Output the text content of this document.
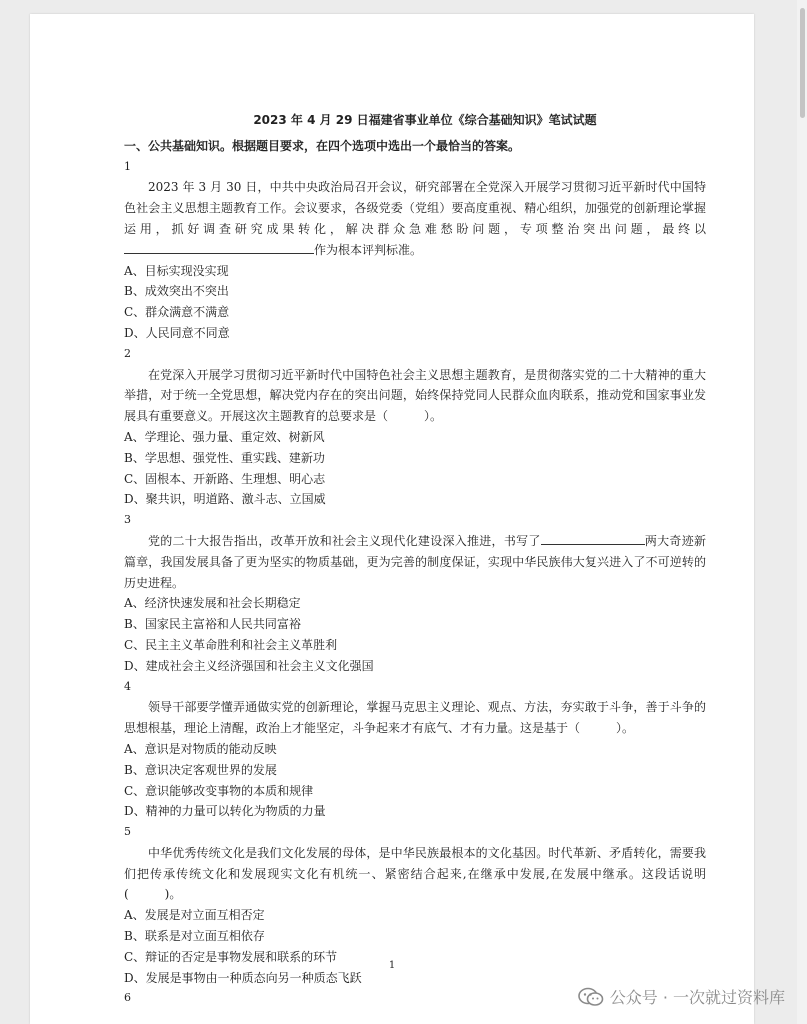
2023 年 4 月 29 日福建省事业单位《综合基础知识》笔试试题
一、公共基础知识。根据题目要求，在四个选项中选出一个最恰当的答案。
1
2023 年 3 月 30 日，中共中央政治局召开会议，研究部署在全党深入开展学习贯彻习近平新时代中国特色社会主义思想主题教育工作。会议要求，各级党委（党组）要高度重视、精心组织，加强党的创新理论掌握运用，抓好调查研究成果转化，解决群众急难愁盼问题，专项整治突出问题，最终以作为根本评判标准。
A、目标实现没实现
B、成效突出不突出
C、群众满意不满意
D、人民同意不同意
2
在党深入开展学习贯彻习近平新时代中国特色社会主义思想主题教育，是贯彻落实党的二十大精神的重大举措，对于统一全党思想，解决党内存在的突出问题，始终保持党同人民群众血肉联系，推动党和国家事业发展具有重要意义。开展这次主题教育的总要求是（　　　）。
A、学理论、强力量、重定效、树新风
B、学思想、强党性、重实践、建新功
C、固根本、开新路、生理想、明心志
D、聚共识，明道路、激斗志、立国威
3
党的二十大报告指出，改革开放和社会主义现代化建设深入推进，书写了	两大奇迹新篇章，我国发展具备了更为坚实的物质基础，更为完善的制度保证，实现中华民族伟大复兴进入了不可逆转的历史进程。
A、经济快速发展和社会长期稳定
B、国家民主富裕和人民共同富裕
C、民主主义革命胜利和社会主义革胜利
D、建成社会主义经济强国和社会主义文化强国
4
领导干部要学懂弄通做实党的创新理论，掌握马克思主义理论、观点、方法，夯实敢于斗争，善于斗争的思想根基，理论上清醒，政治上才能坚定，斗争起来才有底气、才有力量。这是基于（　　　）。
A、意识是对物质的能动反映
B、意识决定客观世界的发展
C、意识能够改变事物的本质和规律
D、精神的力量可以转化为物质的力量
5
中华优秀传统文化是我们文化发展的母体，是中华民族最根本的文化基因。时代革新、矛盾转化，需要我们把传承传统文化和发展现实文化有机统一、紧密结合起来,在继承中发展,在发展中继承。这段话说明(　　　)。
A、发展是对立面互相否定
B、联系是对立面互相依存
C、辩证的否定是事物发展和联系的环节
D、发展是事物由一种质态向另一种质态飞跃
6
1
公众号 · 一次就过资料库
